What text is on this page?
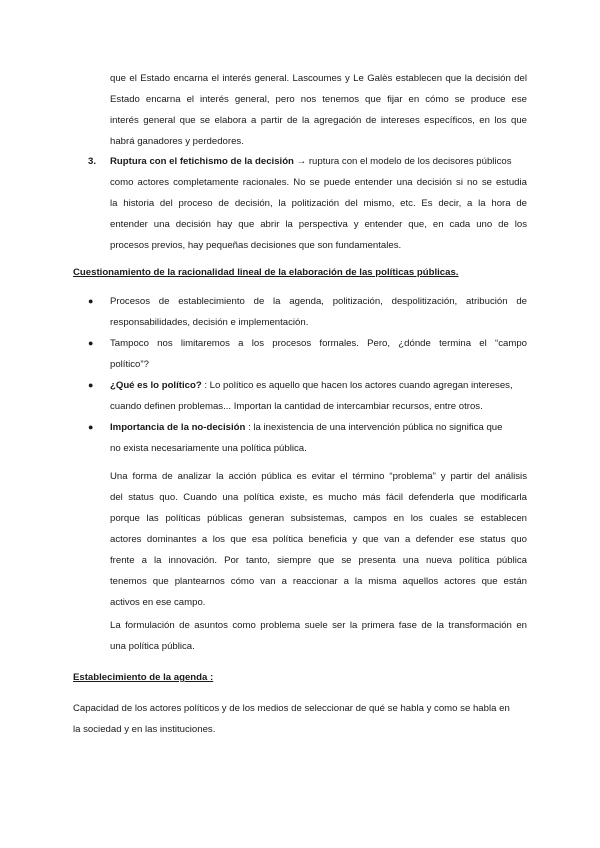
que el Estado encarna el interés general. Lascoumes y Le Galès establecen que la decisión del
Estado encarna el interés general, pero nos tenemos que fijar en cómo se produce ese
interés general que se elabora a partir de la agregación de intereses específicos, en los que
habrá ganadores y perdedores.
3. Ruptura con el fetichismo de la decisión → ruptura con el modelo de los decisores públicos
como actores completamente racionales. No se puede entender una decisión si no se estudia
la historia del proceso de decisión, la politización del mismo, etc. Es decir, a la hora de
entender una decisión hay que abrir la perspectiva y entender que, en cada uno de los
procesos previos, hay pequeñas decisiones que son fundamentales.
Cuestionamiento de la racionalidad lineal de la elaboración de las políticas públicas.
● Procesos de establecimiento de la agenda, politización, despolitización, atribución de
responsabilidades, decisión e implementación.
● Tampoco nos limitaremos a los procesos formales. Pero, ¿dónde termina el “campo
político”?
● ¿Qué es lo político? : Lo político es aquello que hacen los actores cuando agregan intereses,
cuando definen problemas... Importan la cantidad de intercambiar recursos, entre otros.
● Importancia de la no-decisión : la inexistencia de una intervención pública no significa que
no exista necesariamente una política pública.
Una forma de analizar la acción pública es evitar el término “problema” y partir del análisis
del status quo. Cuando una política existe, es mucho más fácil defenderla que modificarla
porque las políticas públicas generan subsistemas, campos en los cuales se establecen
actores dominantes a los que esa política beneficia y que van a defender ese status quo
frente a la innovación. Por tanto, siempre que se presenta una nueva política pública
tenemos que plantearnos cómo van a reaccionar a la misma aquellos actores que están
activos en ese campo.
La formulación de asuntos como problema suele ser la primera fase de la transformación en
una política pública.
Establecimiento de la agenda :
Capacidad de los actores políticos y de los medios de seleccionar de qué se habla y como se habla en
la sociedad y en las instituciones.
